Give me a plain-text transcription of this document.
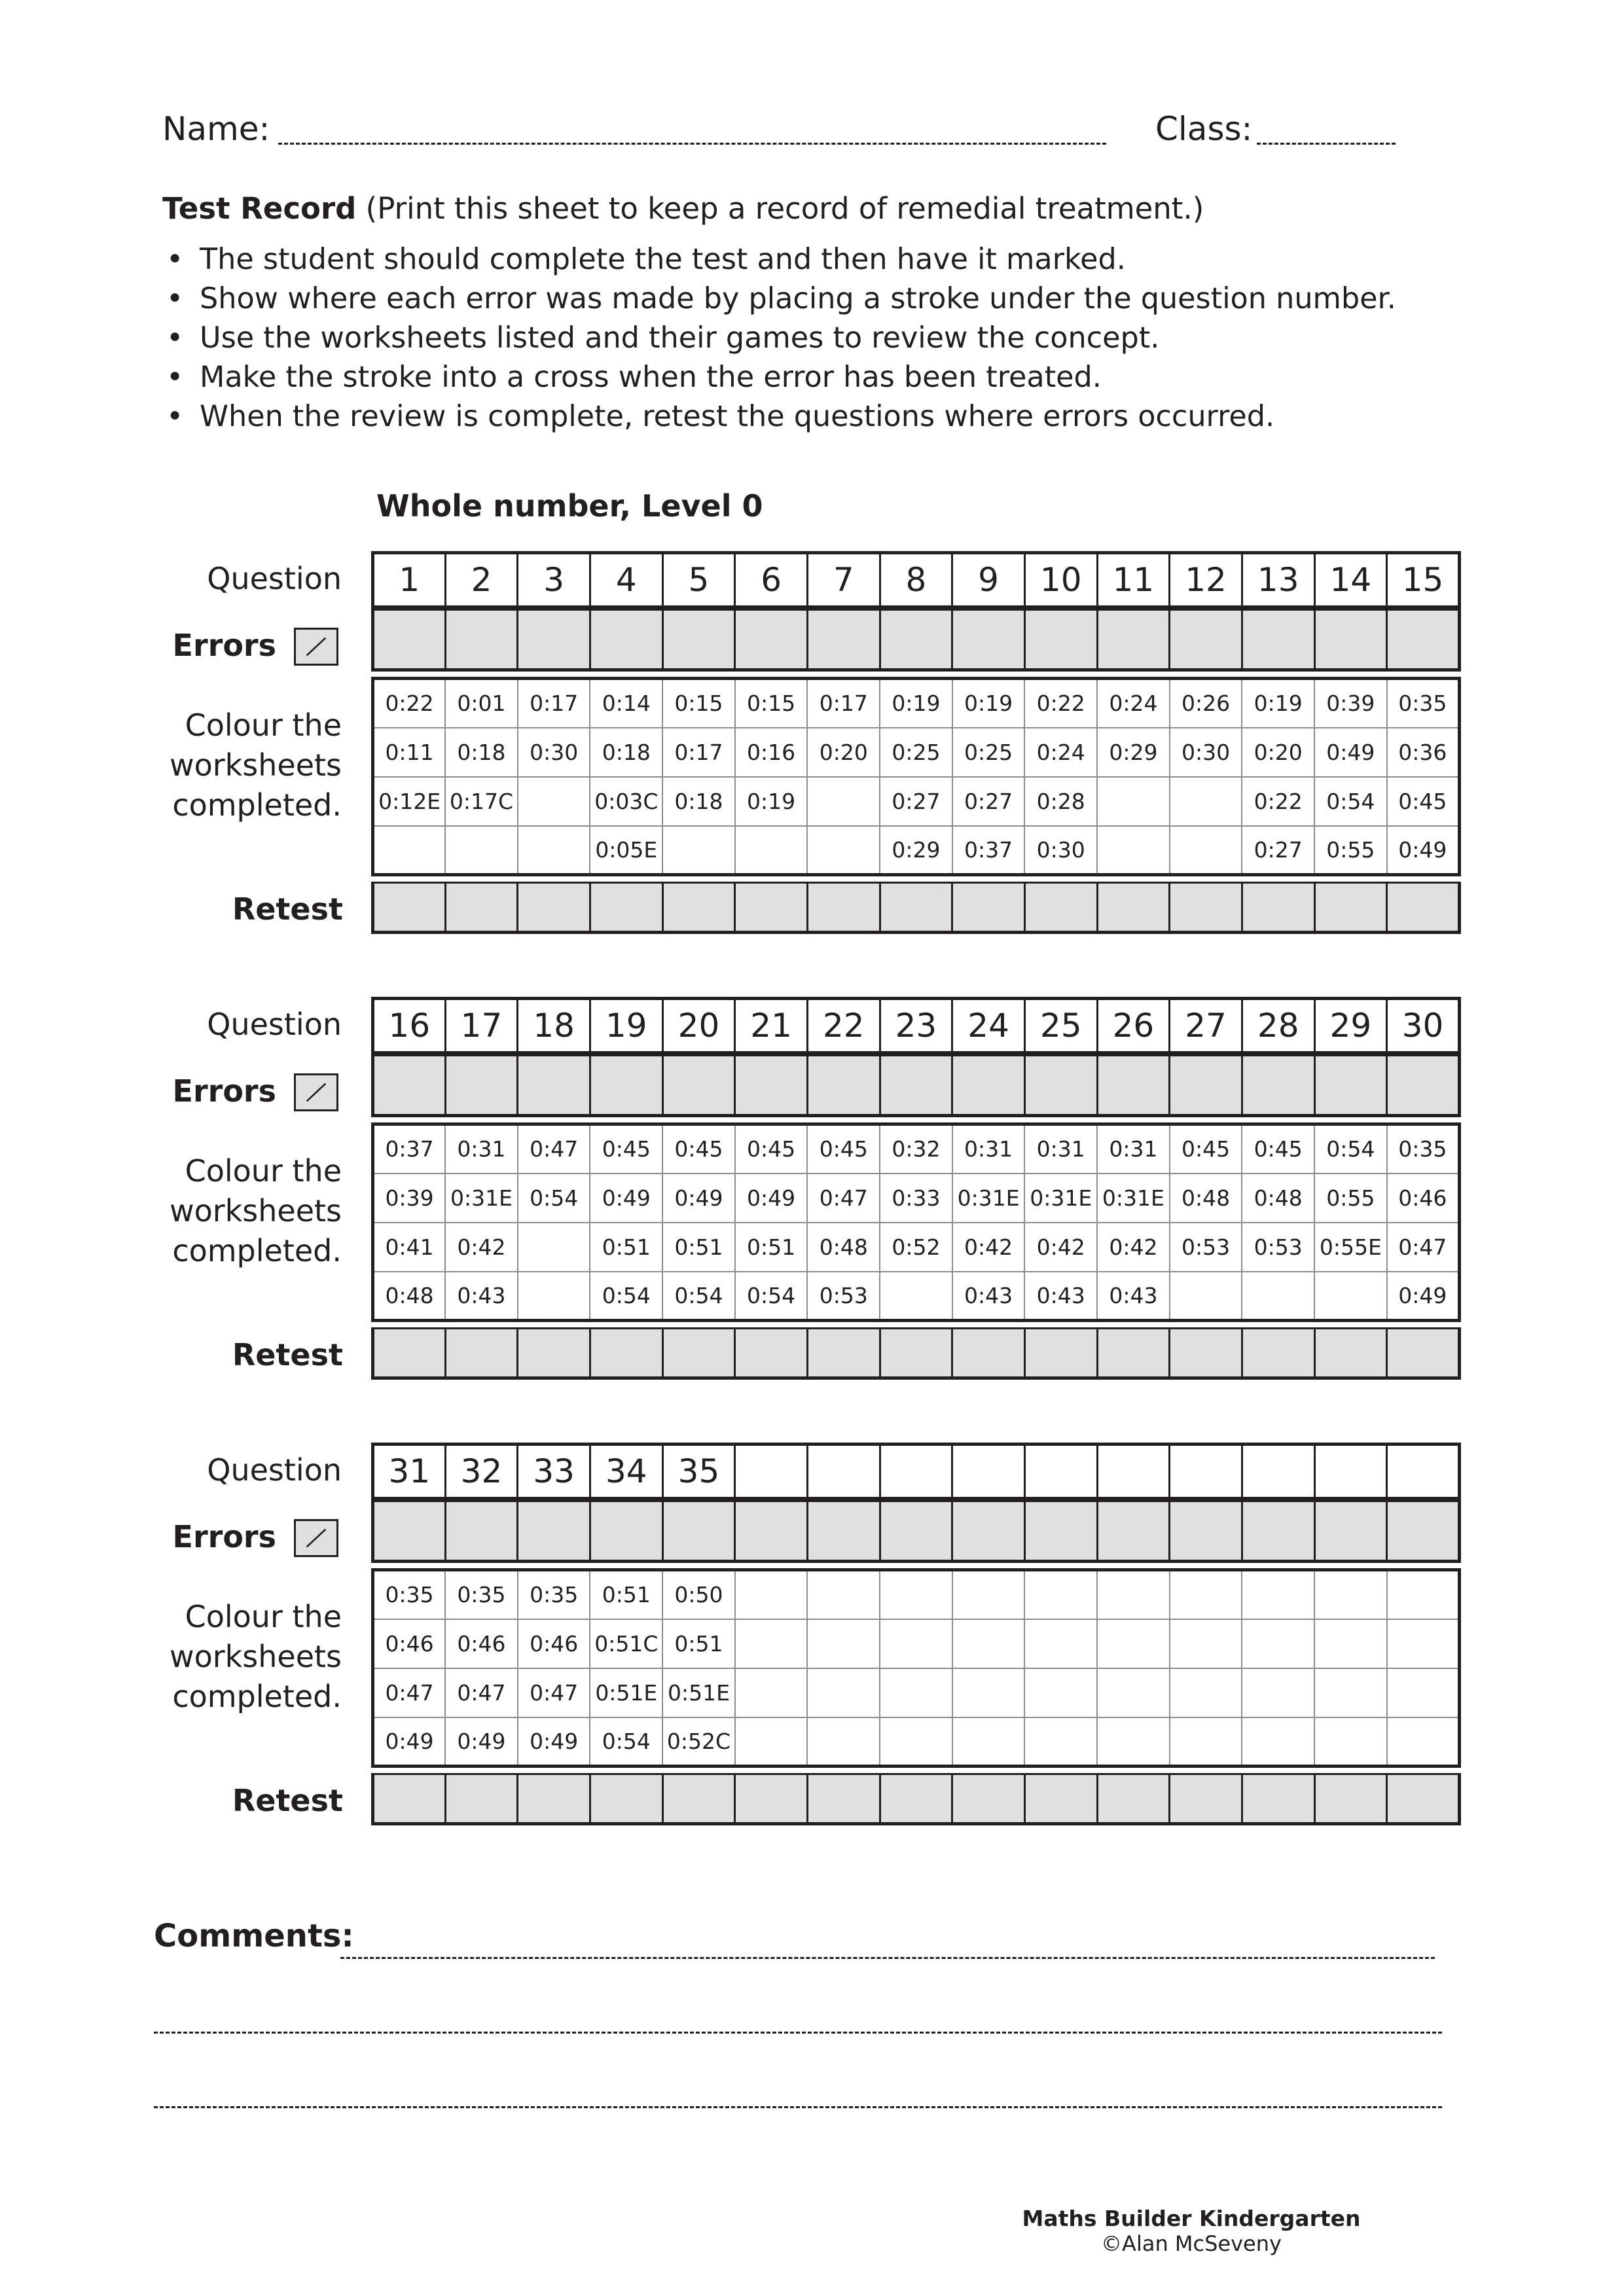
Name:	Class:
Test Record (Print this sheet to keep a record of remedial treatment.)
• The student should complete the test and then have it marked.
• Show where each error was made by placing a stroke under the question number.
• Use the worksheets listed and their games to review the concept.
• Make the stroke into a cross when the error has been treated.
• When the review is complete, retest the questions where errors occurred.
Whole number, Level 0
Question
Errors
Colour the worksheets completed.
Retest
1	2	3	4	5	6	7	8	9	10	11	12	13	14	15

0:22	0:01	0:17	0:14	0:15	0:15	0:17	0:19	0:19	0:22	0:24	0:26	0:19	0:39	0:35
0:11	0:18	0:30	0:18	0:17	0:16	0:20	0:25	0:25	0:24	0:29	0:30	0:20	0:49	0:36
0:12E	0:17C		0:03C	0:18	0:19		0:27	0:27	0:28			0:22	0:54	0:45
			0:05E				0:29	0:37	0:30			0:27	0:55	0:49

Question
Errors
Colour the worksheets completed.
Retest
16	17	18	19	20	21	22	23	24	25	26	27	28	29	30

0:37	0:31	0:47	0:45	0:45	0:45	0:45	0:32	0:31	0:31	0:31	0:45	0:45	0:54	0:35
0:39	0:31E	0:54	0:49	0:49	0:49	0:47	0:33	0:31E	0:31E	0:31E	0:48	0:48	0:55	0:46
0:41	0:42		0:51	0:51	0:51	0:48	0:52	0:42	0:42	0:42	0:53	0:53	0:55E	0:47
0:48	0:43		0:54	0:54	0:54	0:53		0:43	0:43	0:43				0:49

Question
Errors
Colour the worksheets completed.
Retest
31	32	33	34	35										

0:35	0:35	0:35	0:51	0:50										
0:46	0:46	0:46	0:51C	0:51										
0:47	0:47	0:47	0:51E	0:51E										
0:49	0:49	0:49	0:54	0:52C										

Comments:
Maths Builder Kindergarten
©Alan McSeveny
